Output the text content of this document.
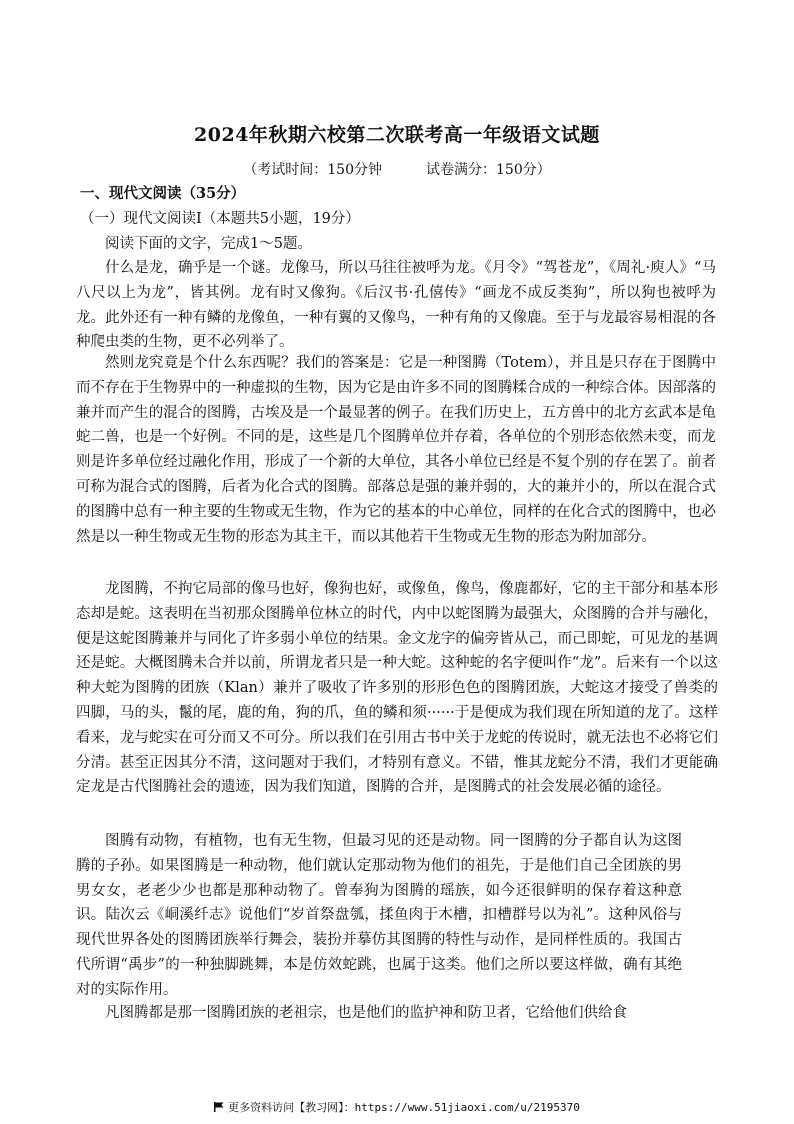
2024年秋期六校第二次联考高一年级语文试题
（考试时间：150分钟	试卷满分：150分）
一、现代文阅读（35分）
（一）现代文阅读Ⅰ（本题共5小题，19分）

阅读下面的文字，完成1～5题。

什么是龙，确乎是一个谜。龙像马，所以马往往被呼为龙。《月令》“驾苍龙”，《周礼·庾人》“马八尺以上为龙”，皆其例。龙有时又像狗。《后汉书·孔僖传》“画龙不成反类狗”，所以狗也被呼为龙。此外还有一种有鳞的龙像鱼，一种有翼的又像鸟，一种有角的又像鹿。至于与龙最容易相混的各种爬虫类的生物，更不必列举了。

然则龙究竟是个什么东西呢？我们的答案是：它是一种图腾（Totem），并且是只存在于图腾中而不存在于生物界中的一种虚拟的生物，因为它是由许多不同的图腾糅合成的一种综合体。因部落的兼并而产生的混合的图腾，古埃及是一个最显著的例子。在我们历史上，五方兽中的北方玄武本是龟蛇二兽，也是一个好例。不同的是，这些是几个图腾单位并存着，各单位的个别形态依然未变，而龙则是许多单位经过融化作用，形成了一个新的大单位，其各小单位已经是不复个别的存在罢了。前者可称为混合式的图腾，后者为化合式的图腾。部落总是强的兼并弱的，大的兼并小的，所以在混合式的图腾中总有一种主要的生物或无生物，作为它的基本的中心单位，同样的在化合式的图腾中，也必然是以一种生物或无生物的形态为其主干，而以其他若干生物或无生物的形态为附加部分。

龙图腾，不拘它局部的像马也好，像狗也好，或像鱼，像鸟，像鹿都好，它的主干部分和基本形态却是蛇。这表明在当初那众图腾单位林立的时代，内中以蛇图腾为最强大，众图腾的合并与融化，便是这蛇图腾兼并与同化了许多弱小单位的结果。金文龙字的偏旁皆从己，而己即蛇，可见龙的基调还是蛇。大概图腾未合并以前，所谓龙者只是一种大蛇。这种蛇的名字便叫作“龙”。后来有一个以这种大蛇为图腾的团族（Klan）兼并了吸收了许多别的形形色色的图腾团族，大蛇这才接受了兽类的四脚，马的头，鬣的尾，鹿的角，狗的爪，鱼的鳞和须······于是便成为我们现在所知道的龙了。这样看来，龙与蛇实在可分而又不可分。所以我们在引用古书中关于龙蛇的传说时，就无法也不必将它们分清。甚至正因其分不清，这问题对于我们，才特别有意义。不错，惟其龙蛇分不清，我们才更能确定龙是古代图腾社会的遗迹，因为我们知道，图腾的合并，是图腾式的社会发展必循的途径。

图腾有动物，有植物，也有无生物，但最习见的还是动物。同一图腾的分子都自认为这图腾的子孙。如果图腾是一种动物，他们就认定那动物为他们的祖先，于是他们自己全团族的男男女女，老老少少也都是那种动物了。曾奉狗为图腾的瑶族，如今还很鲜明的保存着这种意识。陆次云《峒溪纤志》说他们“岁首祭盘瓠，揉鱼肉于木槽，扣槽群号以为礼”。这种风俗与现代世界各处的图腾团族举行舞会，装扮并摹仿其图腾的特性与动作，是同样性质的。我国古代所谓“禹步”的一种独脚跳舞，本是仿效蛇跳，也属于这类。他们之所以要这样做，确有其绝对的实际作用。

凡图腾都是那一图腾团族的老祖宗，也是他们的监护神和防卫者，它给他们供给食

更多资料访问【教习网】：https://www.51jiaoxi.com/u/2195370
